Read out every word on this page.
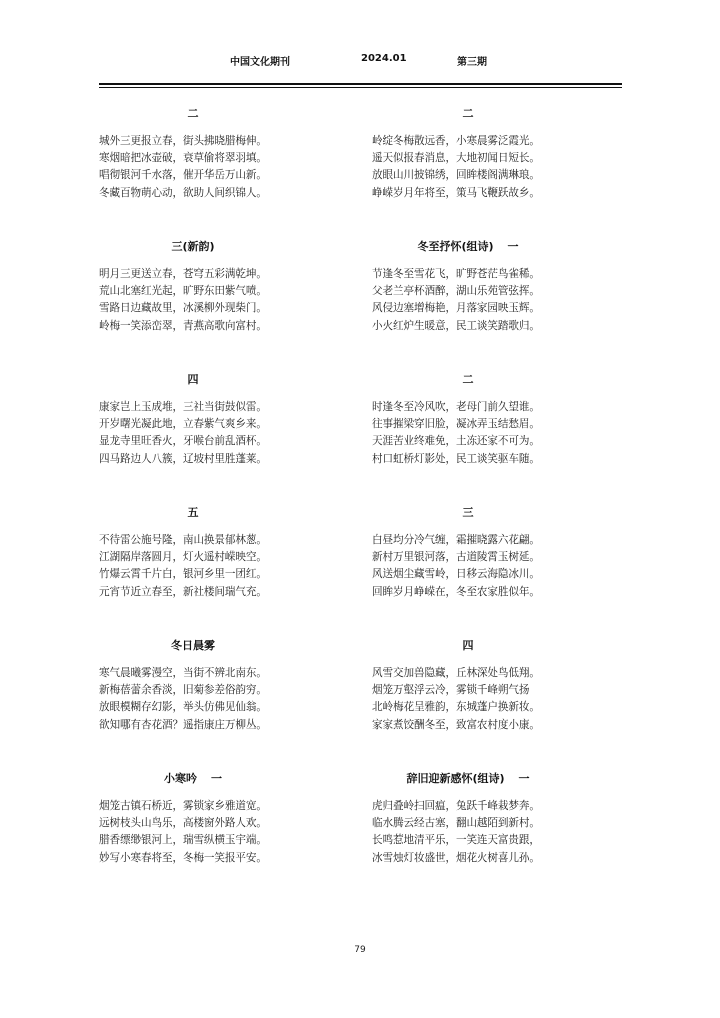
中国文化期刊	2024.01	第三期
二
城外三更报立春，街头拂晓腊梅伸。
寒烟暗把冰壶破，衰草偷将翠羽填。
唱彻银河千水落，催开华岳万山新。
冬藏百物萌心动，欲助人间织锦人。
三(新韵)
明月三更送立春，苍穹五彩满乾坤。
荒山北塞红光起，旷野东田紫气喷。
雪路日边藏故里，冰溪柳外现柴门。
岭梅一笑添峦翠，青燕高歌向富村。
四
康家岂上玉成堆，三社当街鼓似雷。
开岁曙光凝此地，立春紫气爽乡来。
显龙寺里旺香火，牙喉台前乱酒杯。
四马路边人八簇，辽坡村里胜蓬莱。
五
不待雷公施号隆，南山换景郁林葱。
江湖隔岸落圆月，灯火遥村嵘映空。
竹爆云霄千片白，银河乡里一团红。
元宵节近立春至，新社楼间瑞气充。
冬日晨雾
寒气晨曦雾漫空，当街不辨北南东。
新梅蓓蕾余香淡，旧菊参差俗韵穷。
放眼模糊存幻影，举头仿佛见仙翁。
欲知哪有杏花酒？遥指康庄万柳丛。
小寒吟 一
烟笼古镇石桥近，雾锁家乡雅道宽。
远树枝头山鸟乐，高楼窗外路人欢。
腊香缥缈银河上，瑞雪纵横玉宇端。
妙写小寒春将至，冬梅一笑报平安。
二
岭绽冬梅散远香，小寒晨雾泛霞光。
遥天似报春消息，大地初闻日短长。
放眼山川披锦绣，回眸楼阁满琳琅。
峥嵘岁月年将至，策马飞鞭跃故乡。
冬至抒怀(组诗) 一
节逢冬至雪花飞，旷野苍茫鸟雀稀。
父老兰亭杯酒醉，湖山乐苑管弦挥。
风侵边塞增梅艳，月落家园映玉辉。
小火红炉生暖意，民工谈笑踏歌归。
二
时逢冬至冷风吹，老母门前久望谁。
往事摧梁穿旧脸，凝冰弄玉结愁眉。
天涯苦业终难免，土冻还家不可为。
村口虹桥灯影处，民工谈笑驱车随。
三
白昼均分冷气缠，霜摧晓露六花翩。
新村万里银河落，古道陵霄玉树延。
风送烟尘藏雪岭，日移云海隐冰川。
回眸岁月峥嵘在，冬至农家胜似年。
四
风雪交加兽隐藏，丘林深处鸟低翔。
烟笼万壑浮云冷，雾锁千峰朔气扬
北岭梅花呈雅韵，东城蓬户换新妆。
家家煮饺酬冬至，致富农村度小康。
辞旧迎新感怀(组诗) 一
虎归叠岭扫回瘟，兔跃千峰栽梦奔。
临水腾云经古塞，翻山越陌到新村。
长鸣惹地清平乐，一笑连天富贵跟，
冰雪烛灯妆盛世，烟花火树喜儿孙。
79
